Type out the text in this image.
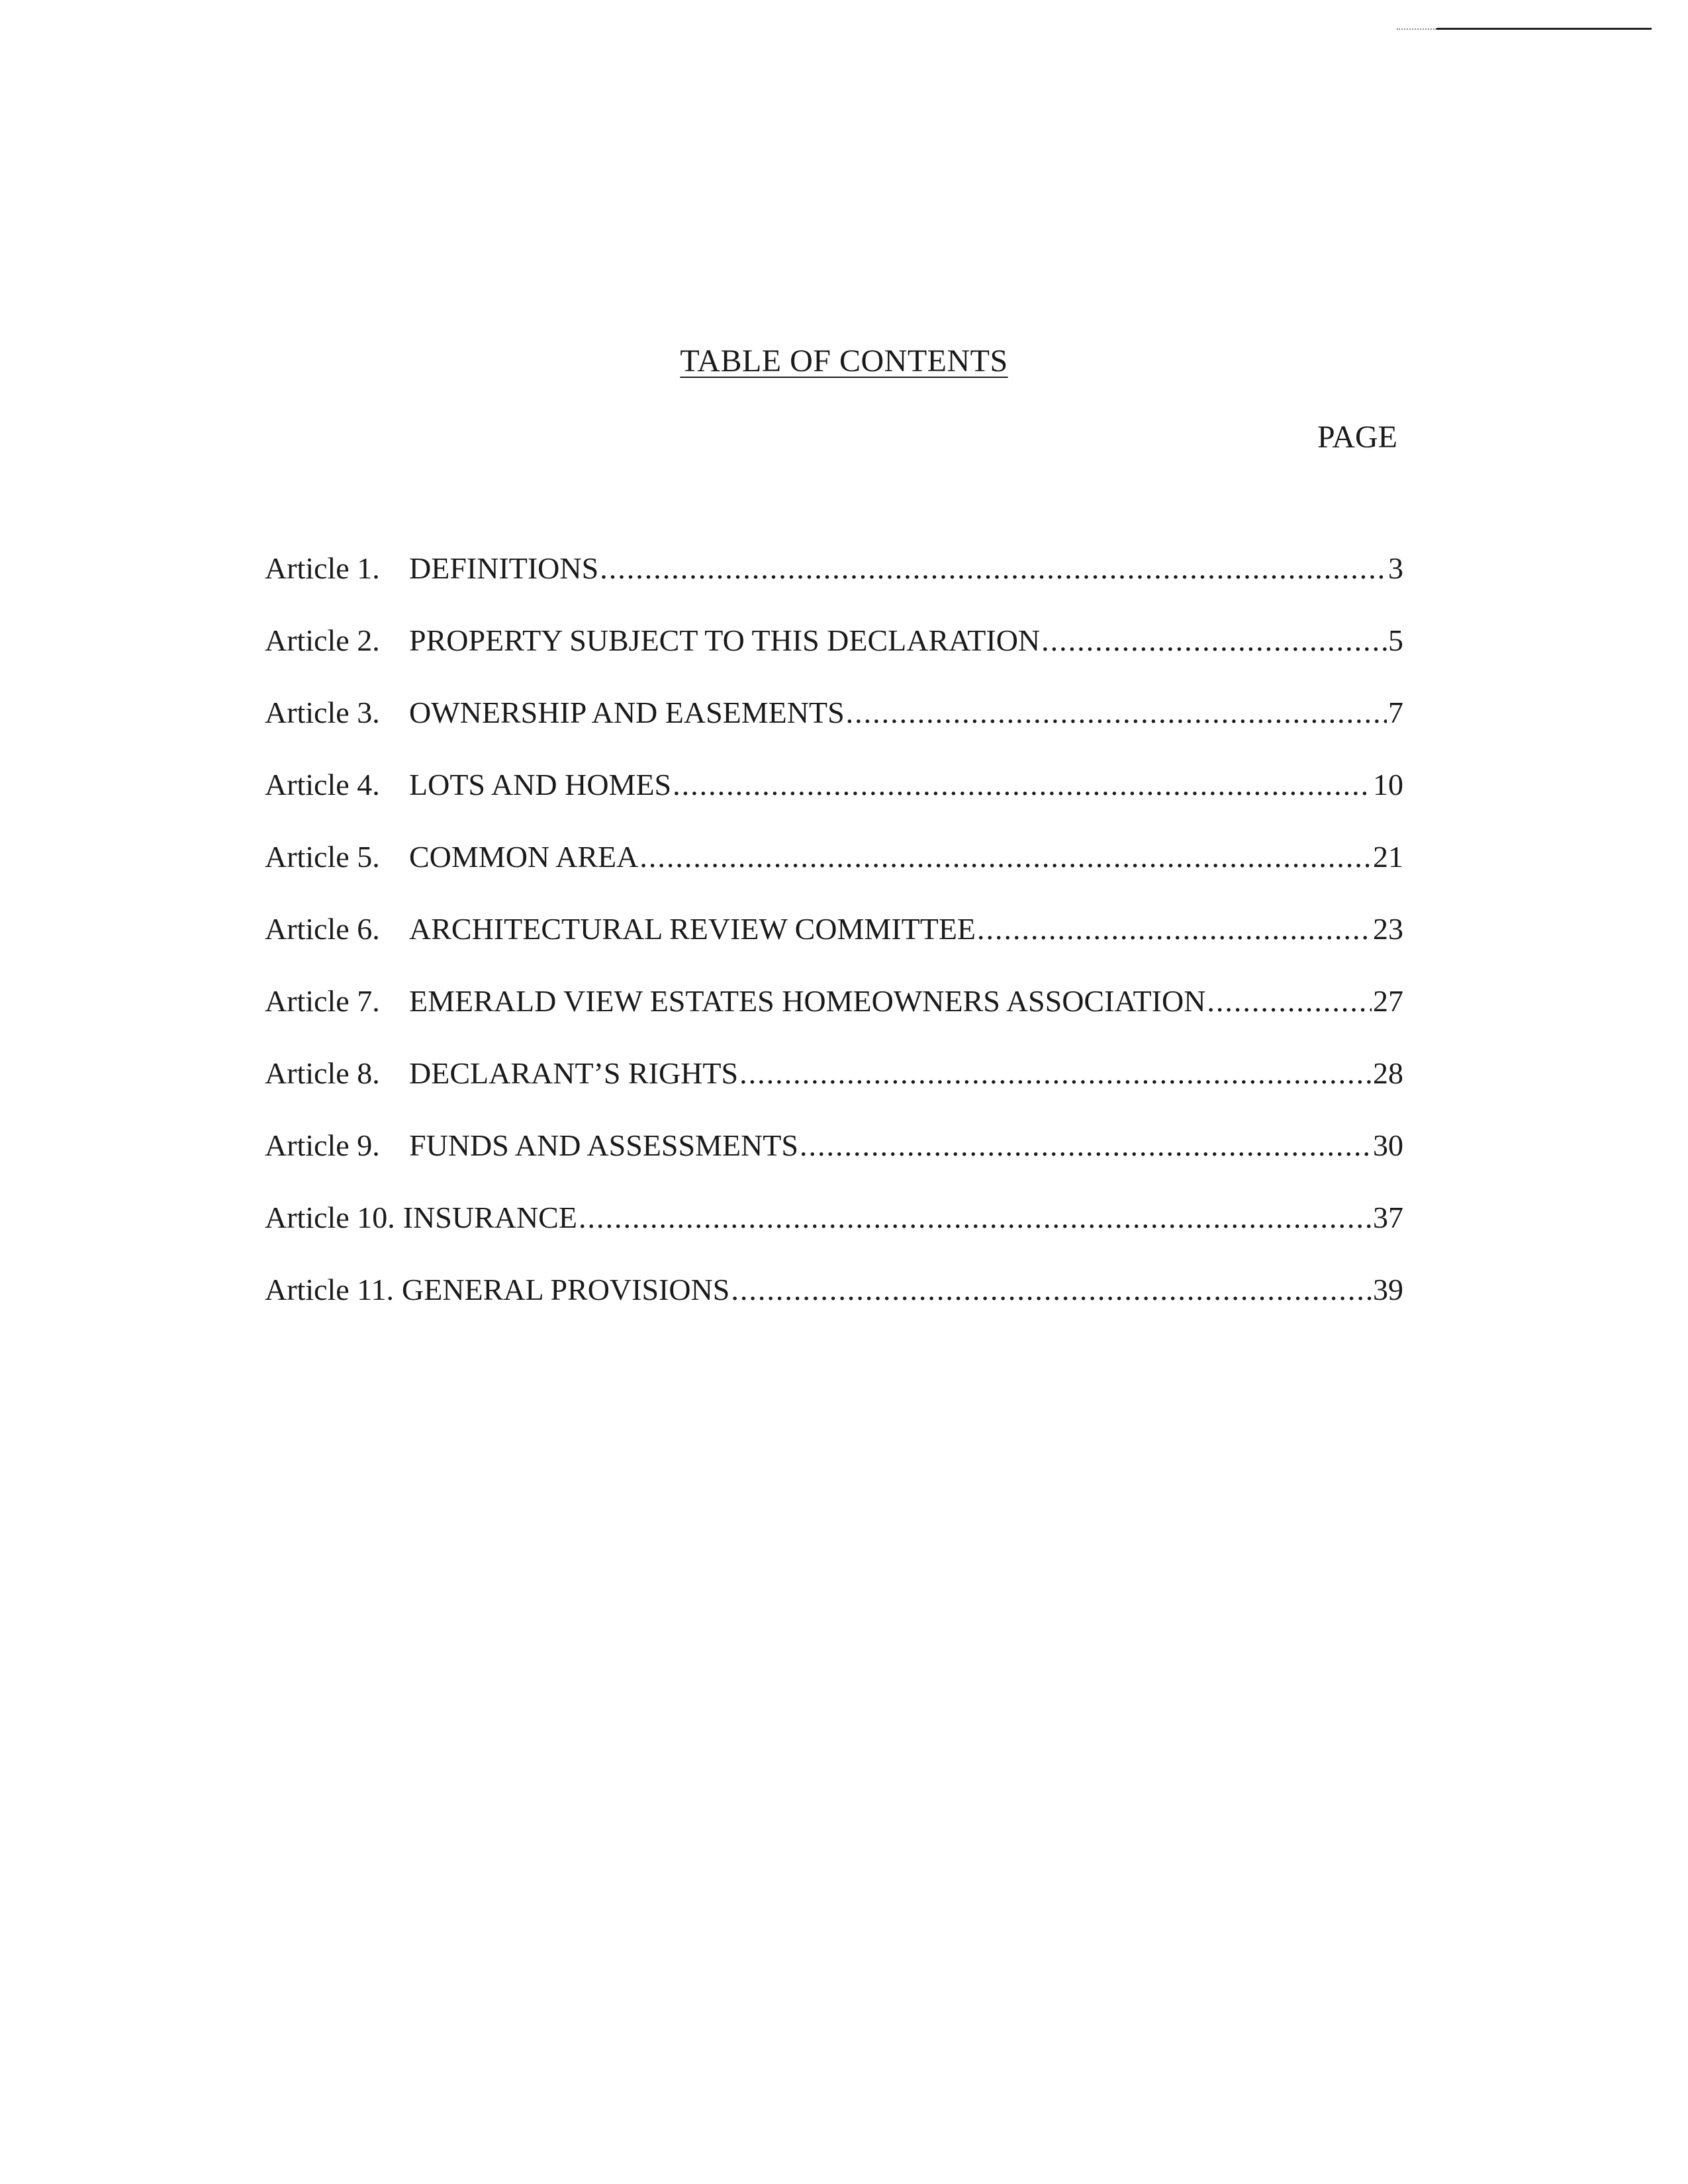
TABLE OF CONTENTS
PAGE
Article 1. DEFINITIONS .....	3
Article 2. PROPERTY SUBJECT TO THIS DECLARATION .....	5
Article 3. OWNERSHIP AND EASEMENTS .....	7
Article 4. LOTS AND HOMES .....	10
Article 5. COMMON AREA .....	21
Article 6. ARCHITECTURAL REVIEW COMMITTEE .....	23
Article 7. EMERALD VIEW ESTATES HOMEOWNERS ASSOCIATION .....	27
Article 8. DECLARANT’S RIGHTS .....	28
Article 9. FUNDS AND ASSESSMENTS .....	30
Article 10. INSURANCE .....	37
Article 11. GENERAL PROVISIONS .....	39
